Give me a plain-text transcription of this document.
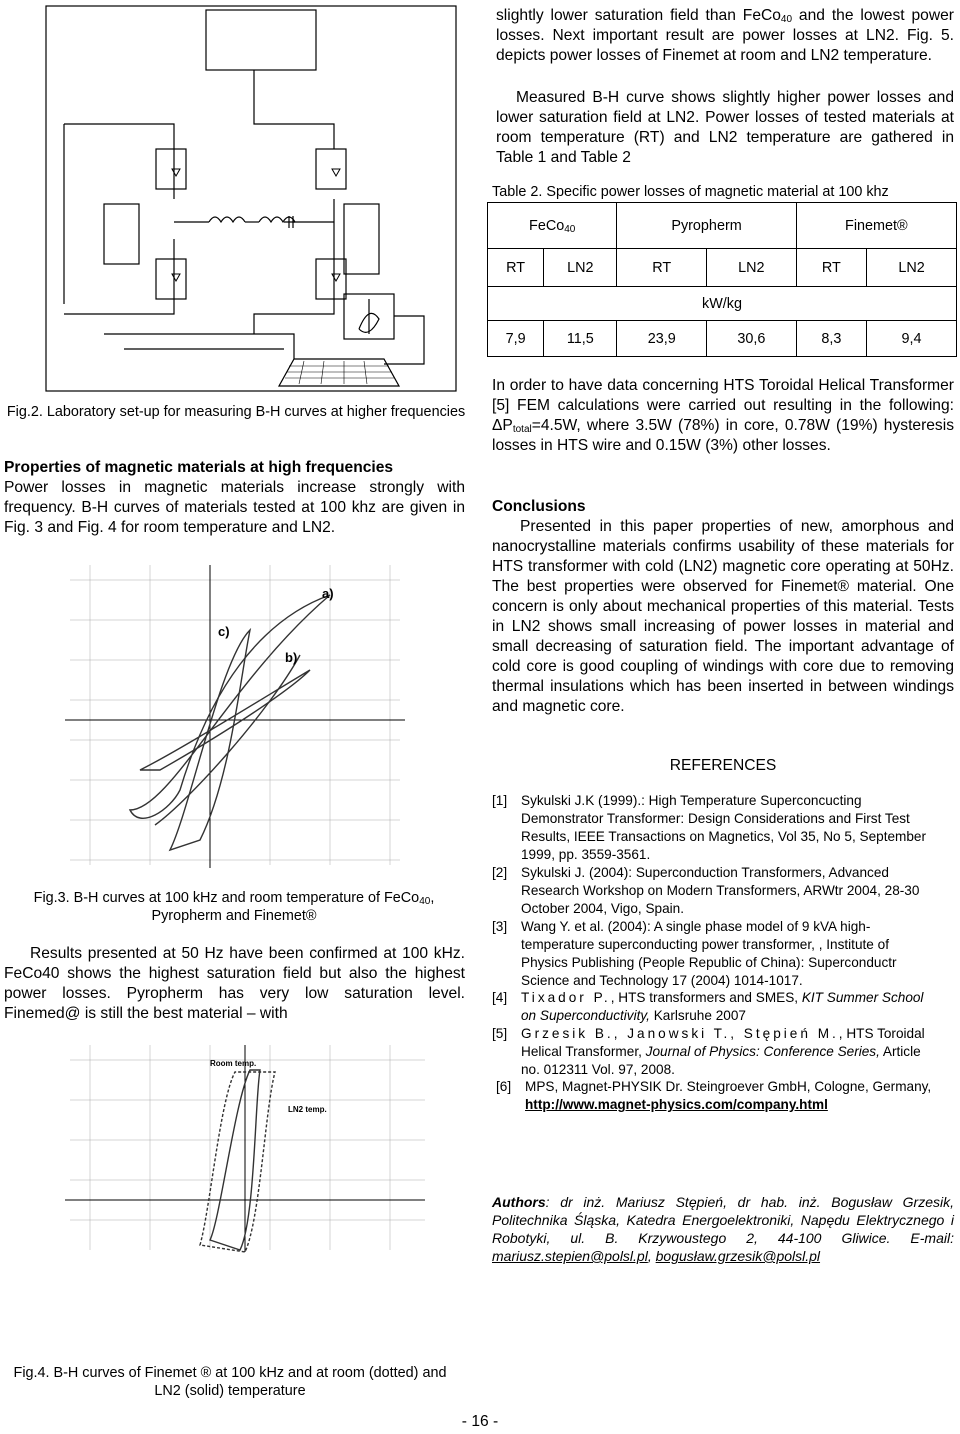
slightly lower saturation field than FeCo$_{40}$ and the lowest power losses. Next important result are power losses at LN2. Fig. 5. depicts power losses of Finemet at room and LN2 temperature.
Measured B-H curve shows slightly higher power losses and lower saturation field at LN2. Power losses of tested materials at room temperature (RT) and LN2 temperature are gathered in Table 1 and Table 2
Table 2. Specific power losses of magnetic material at 100 khz
FeCo$_{40}$		Pyropherm		Finemet®	
RT	LN2	RT	LN2	RT	LN2
kW/kg					
7,9	11,5	23,9	30,6	8,3	9,4
Fig.2. Laboratory set-up for measuring B-H curves at higher frequencies
Properties of magnetic materials at high frequencies
Power losses in magnetic materials increase strongly with frequency. B-H curves of materials tested at 100 khz are given in Fig. 3 and Fig. 4 for room temperature and LN2.
a)
c)
b)
Fig.3. B-H curves at 100 kHz and room temperature of FeCo$_{40}$, Pyropherm and Finemet®
Results presented at 50 Hz have been confirmed at 100 kHz. FeCo40 shows the highest saturation field but also the highest power losses. Pyropherm has very low saturation level. Finemed@ is still the best material – with
Room temp.
LN2 temp.
Fig.4. B-H curves of Finemet ® at 100 kHz and at room (dotted) and LN2 (solid) temperature
In order to have data concerning HTS Toroidal Helical Transformer [5] FEM calculations were carried out resulting in the following: $\Delta P_{total}=4.5W$, where 3.5W (78%) in core, 0.78W (19%) hysteresis losses in HTS wire and 0.15W (3%) other losses.
Conclusions
Presented in this paper properties of new, amorphous and nanocrystalline materials confirms usability of these materials for HTS transformer with cold (LN2) magnetic core operating at 50Hz. The best properties were observed for Finemet® material. One concern is only about mechanical properties of this material. Tests in LN2 shows small increasing of power losses in material and small decreasing of saturation field. The important advantage of cold core is good coupling of windings with core due to removing thermal insulations which has been inserted in between windings and magnetic core.
REFERENCES
[1] Sykulski J.K (1999).: High Temperature Superconcucting Demonstrator Transformer: Design Considerations and First Test Results, IEEE Transactions on Magnetics, Vol 35, No 5, September 1999, pp. 3559-3561.
[2] Sykulski J. (2004): Superconduction Transformers, Advanced Research Workshop on Modern Transformers, ARWtr 2004, 28-30 October 2004, Vigo, Spain.
[3] Wang Y. et al. (2004): A single phase model of 9 kVA high-temperature superconducting power transformer, , Institute of Physics Publishing (People Republic of China): Superconductr Science and Technology 17 (2004) 1014-1017.
[4] Tixador P., HTS transformers and SMES, KIT Summer School on Superconductivity, Karlsruhe 2007
[5] Grzesik B., Janowski T., Stępień M., HTS Toroidal Helical Transformer, Journal of Physics: Conference Series, Article no. 012311 Vol. 97, 2008.
[6] MPS, Magnet-PHYSIK Dr. Steingroever GmbH, Cologne, Germany, http://www.magnet-physics.com/company.html
Authors: dr inż. Mariusz Stępień, dr hab. inż. Bogusław Grzesik, Politechnika Śląska, Katedra Energoelektroniki, Napędu Elektrycznego i Robotyki, ul. B. Krzywoustego 2, 44-100 Gliwice. E-mail: mariusz.stepien@polsl.pl, bogusław.grzesik@polsl.pl
- 16 -
